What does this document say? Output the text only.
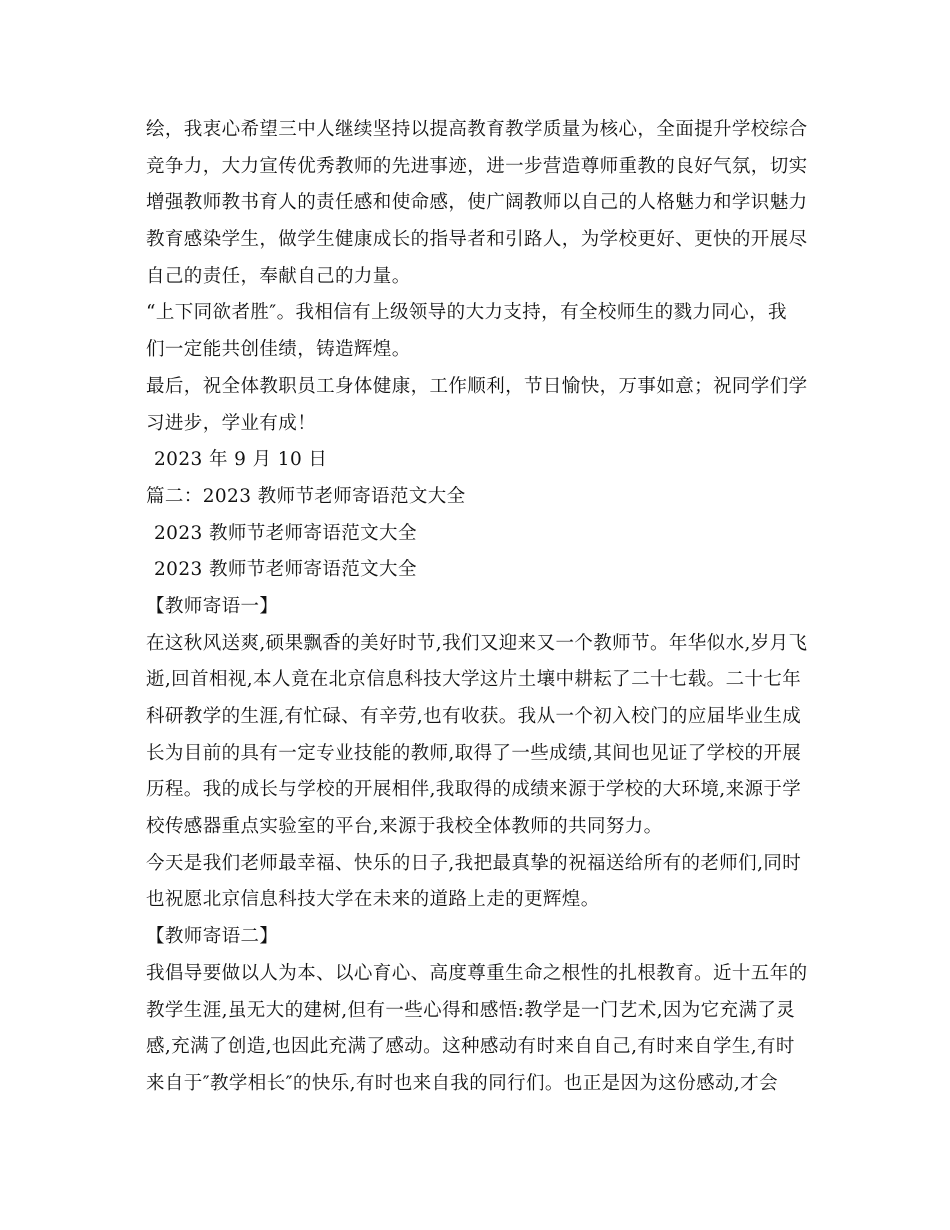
绘，我衷心希望三中人继续坚持以提高教育教学质量为核心，全面提升学校综合
竞争力，大力宣传优秀教师的先进事迹，进一步营造尊师重教的良好气氛，切实
增强教师教书育人的责任感和使命感，使广阔教师以自己的人格魅力和学识魅力
教育感染学生，做学生健康成长的指导者和引路人，为学校更好、更快的开展尽
自己的责任，奉献自己的力量。
“上下同欲者胜″。我相信有上级领导的大力支持，有全校师生的戮力同心，我
们一定能共创佳绩，铸造辉煌。
最后，祝全体教职员工身体健康，工作顺利，节日愉快，万事如意；祝同学们学
习进步，学业有成！
2023 年 9 月 10 日
篇二：2023 教师节老师寄语范文大全
2023 教师节老师寄语范文大全
2023 教师节老师寄语范文大全
【教师寄语一】
在这秋风送爽,硕果飘香的美好时节,我们又迎来又一个教师节。年华似水,岁月飞
逝,回首相视,本人竟在北京信息科技大学这片土壤中耕耘了二十七载。二十七年
科研教学的生涯,有忙碌、有辛劳,也有收获。我从一个初入校门的应届毕业生成
长为目前的具有一定专业技能的教师,取得了一些成绩,其间也见证了学校的开展
历程。我的成长与学校的开展相伴,我取得的成绩来源于学校的大环境,来源于学
校传感器重点实验室的平台,来源于我校全体教师的共同努力。
今天是我们老师最幸福、快乐的日子,我把最真挚的祝福送给所有的老师们,同时
也祝愿北京信息科技大学在未来的道路上走的更辉煌。
【教师寄语二】
我倡导要做以人为本、以心育心、高度尊重生命之根性的扎根教育。近十五年的
教学生涯,虽无大的建树,但有一些心得和感悟:教学是一门艺术,因为它充满了灵
感,充满了创造,也因此充满了感动。这种感动有时来自自己,有时来自学生,有时
来自于″教学相长″的快乐,有时也来自我的同行们。也正是因为这份感动,才会
